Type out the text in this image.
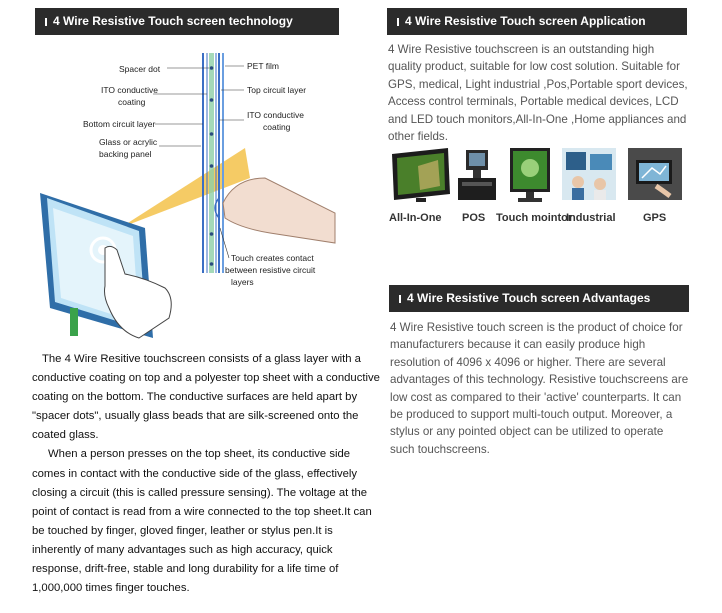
4 Wire Resistive Touch screen technology
Spacer dot
ITO conductive
coating
Bottom circuit layer
Glass or acrylic
backing panel
PET film
Top circuit layer
ITO conductive
coating
Touch creates contact
between resistive circuit
layers

The 4 Wire Resitive touchscreen consists of a glass layer with a conductive coating on top and a polyester top sheet with a conductive coating on the bottom. The conductive surfaces are held apart by "spacer dots", usually glass beads that are silk-screened onto the coated glass.

When a person presses on the top sheet, its conductive side comes in contact with the conductive side of the glass, effectively closing a circuit (this is called pressure sensing). The voltage at the point of contact is read from a wire connected to the top sheet.It can be touched by finger, gloved finger, leather or stylus pen.It is inherently of many advantages such as high accuracy, quick response, drift-free, stable and long durability for a life time of 1,000,000 times finger touches.

4 Wire Resistive Touch screen Application
4 Wire Resistive touchscreen is an outstanding high quality product, suitable for low cost solution. Suitable for GPS, medical, Light industrial ,Pos,Portable sport devices, Access control terminals, Portable medical devices, LCD and LED touch monitors,All-In-One ,Home appliances and other fields.
All-In-One POS Touch mointor
Industrial GPS
4 Wire Resistive Touch screen Advantages
4 Wire Resistive touch screen is the product of choice for manufacturers because it can easily produce high resolution of 4096 x 4096 or higher. There are several advantages of this technology. Resistive touchscreens are low cost as compared to their 'active' counterparts. It can be produced to support multi-touch output. Moreover, a stylus or any pointed object can be utilized to operate such touchscreens.
